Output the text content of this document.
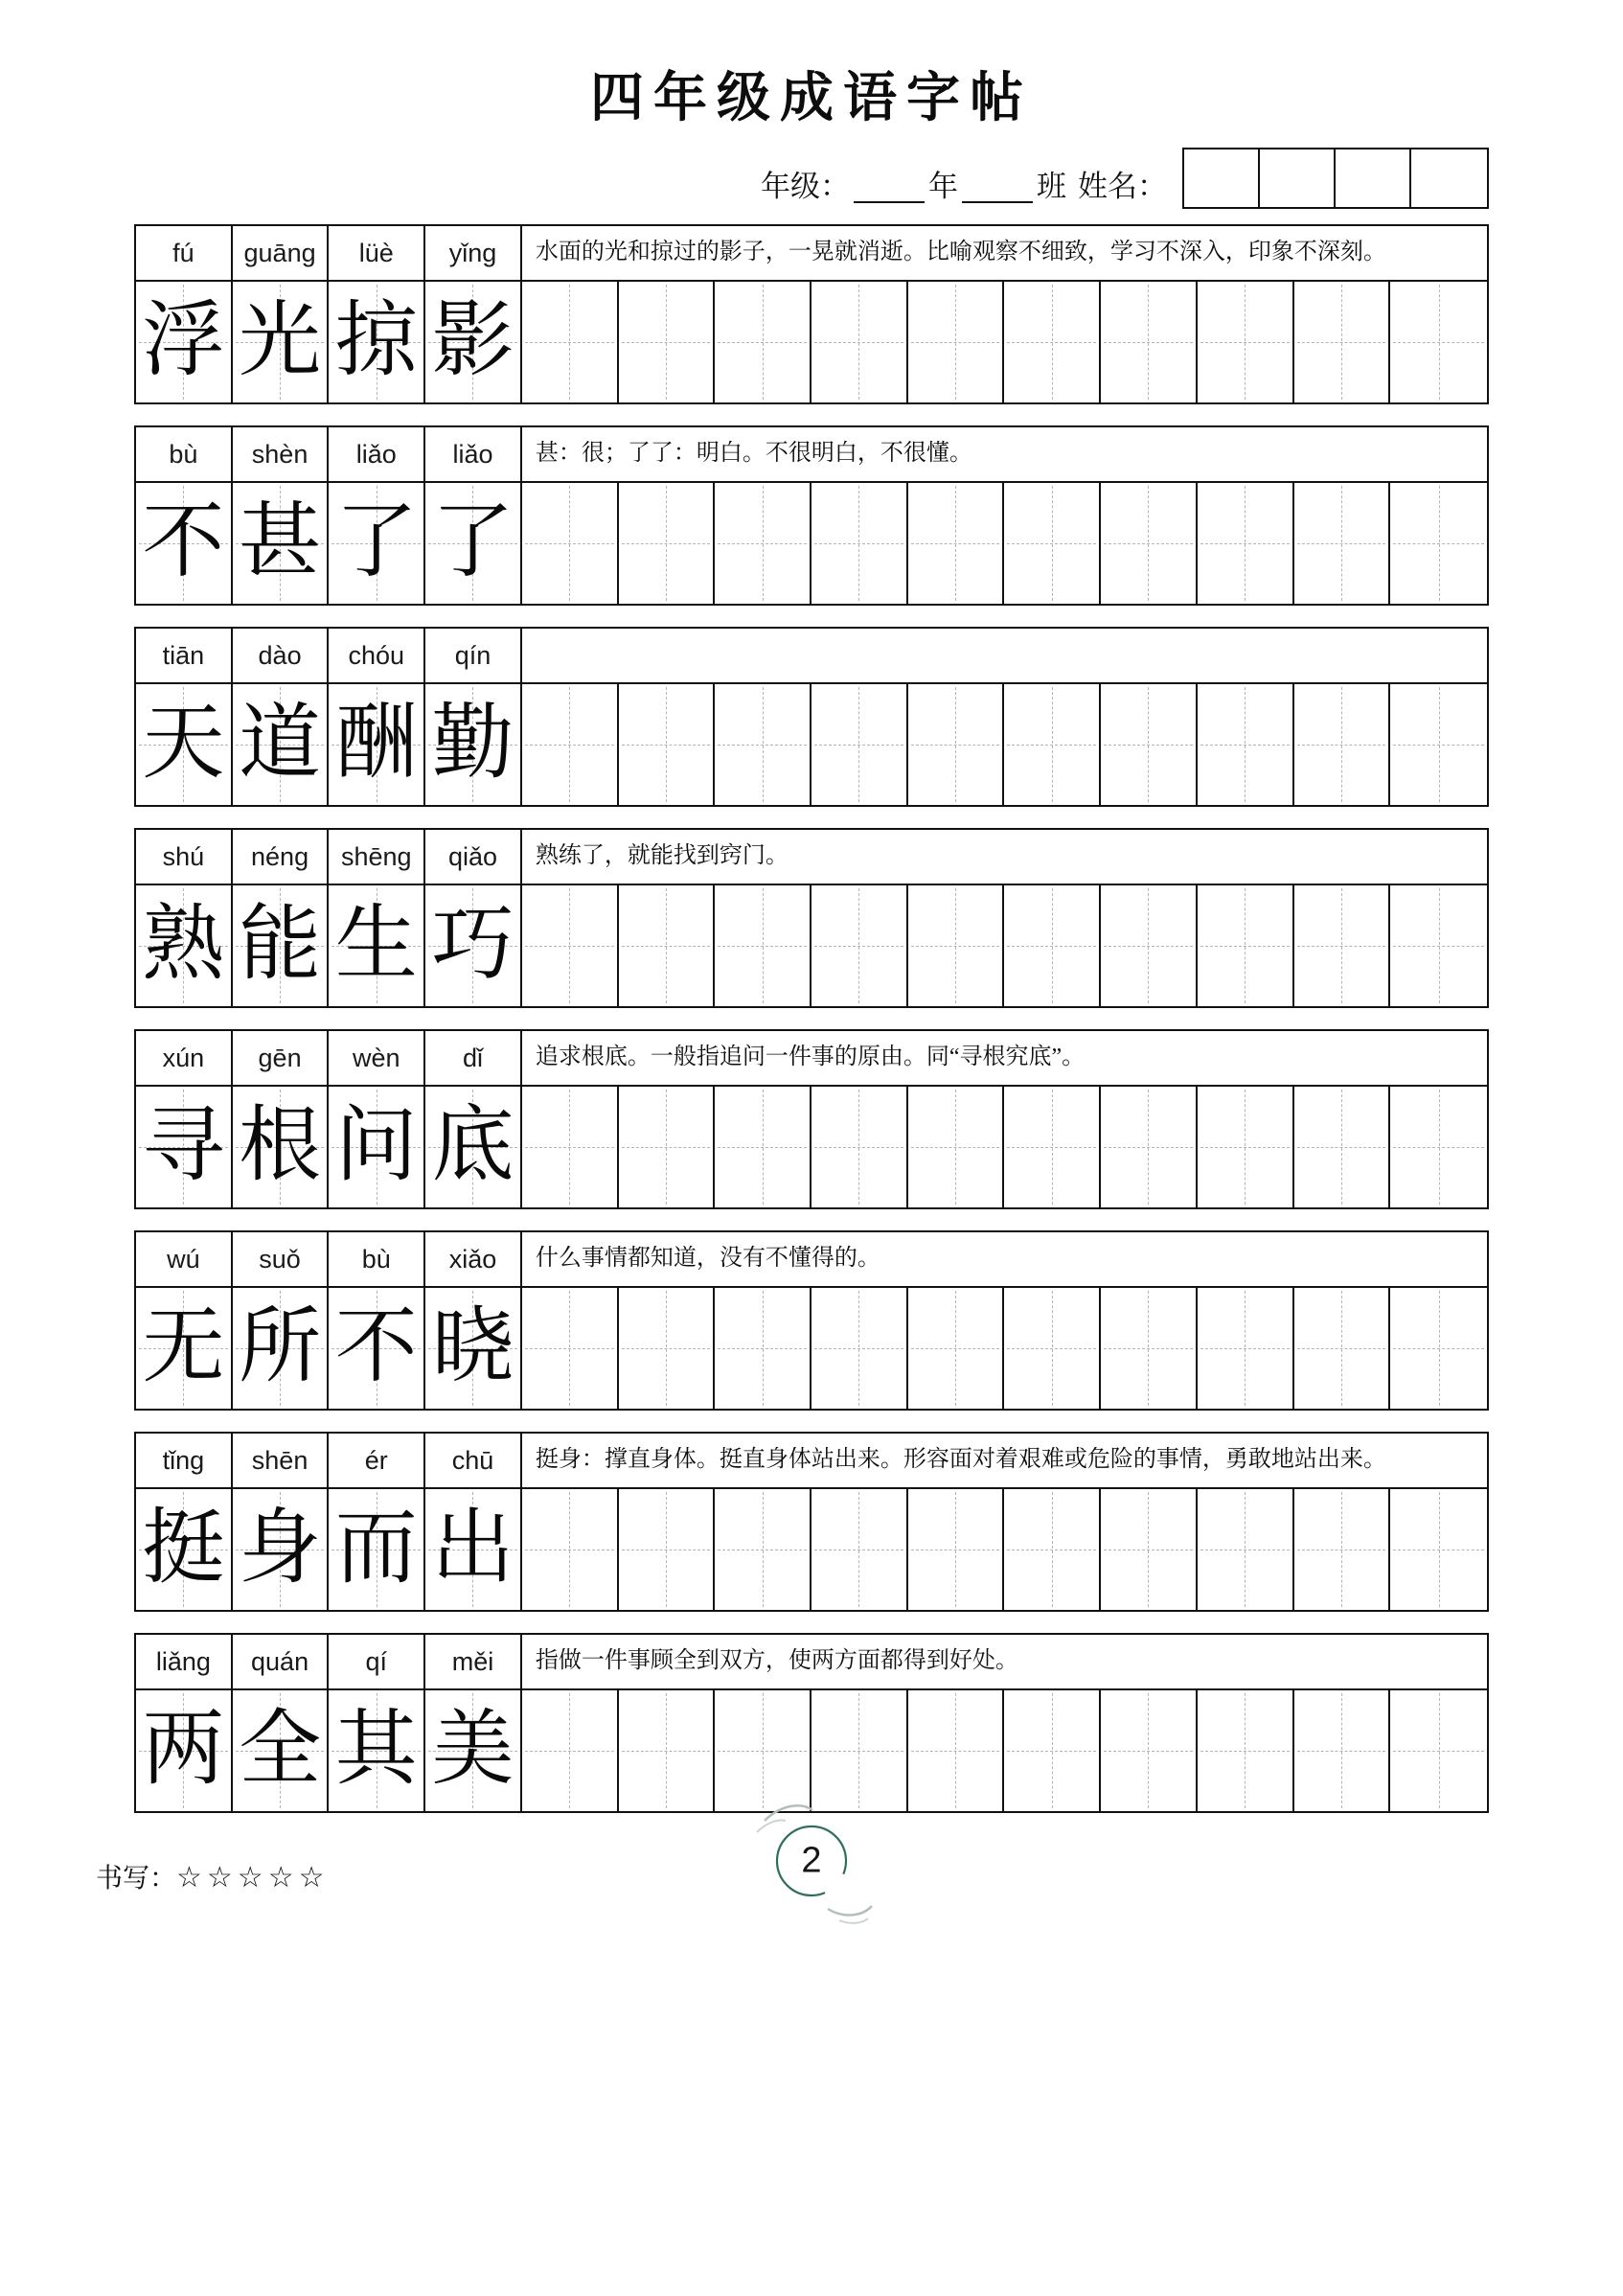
四年级成语字帖
年级：	年	班 姓名：
fú	guāng	lüè	yǐng	水面的光和掠过的影子，一晃就消逝。比喻观察不细致，学习不深入，印象不深刻。
浮 光 掠 影
bù	shèn	liǎo	liǎo	甚：很；了了：明白。不很明白，不很懂。
不 甚 了 了
tiān	dào	chóu	qín
天 道 酬 勤
shú	néng	shēng	qiǎo	熟练了，就能找到窍门。
熟 能 生 巧
xún	gēn	wèn	dǐ	追求根底。一般指追问一件事的原由。同“寻根究底”。
寻 根 问 底
wú	suǒ	bù	xiǎo	什么事情都知道，没有不懂得的。
无 所 不 晓
tǐng	shēn	ér	chū	挺身：撑直身体。挺直身体站出来。形容面对着艰难或危险的事情，勇敢地站出来。
挺 身 而 出
liǎng	quán	qí	měi	指做一件事顾全到双方，使两方面都得到好处。
两 全 其 美
书写：☆☆☆☆☆	2
